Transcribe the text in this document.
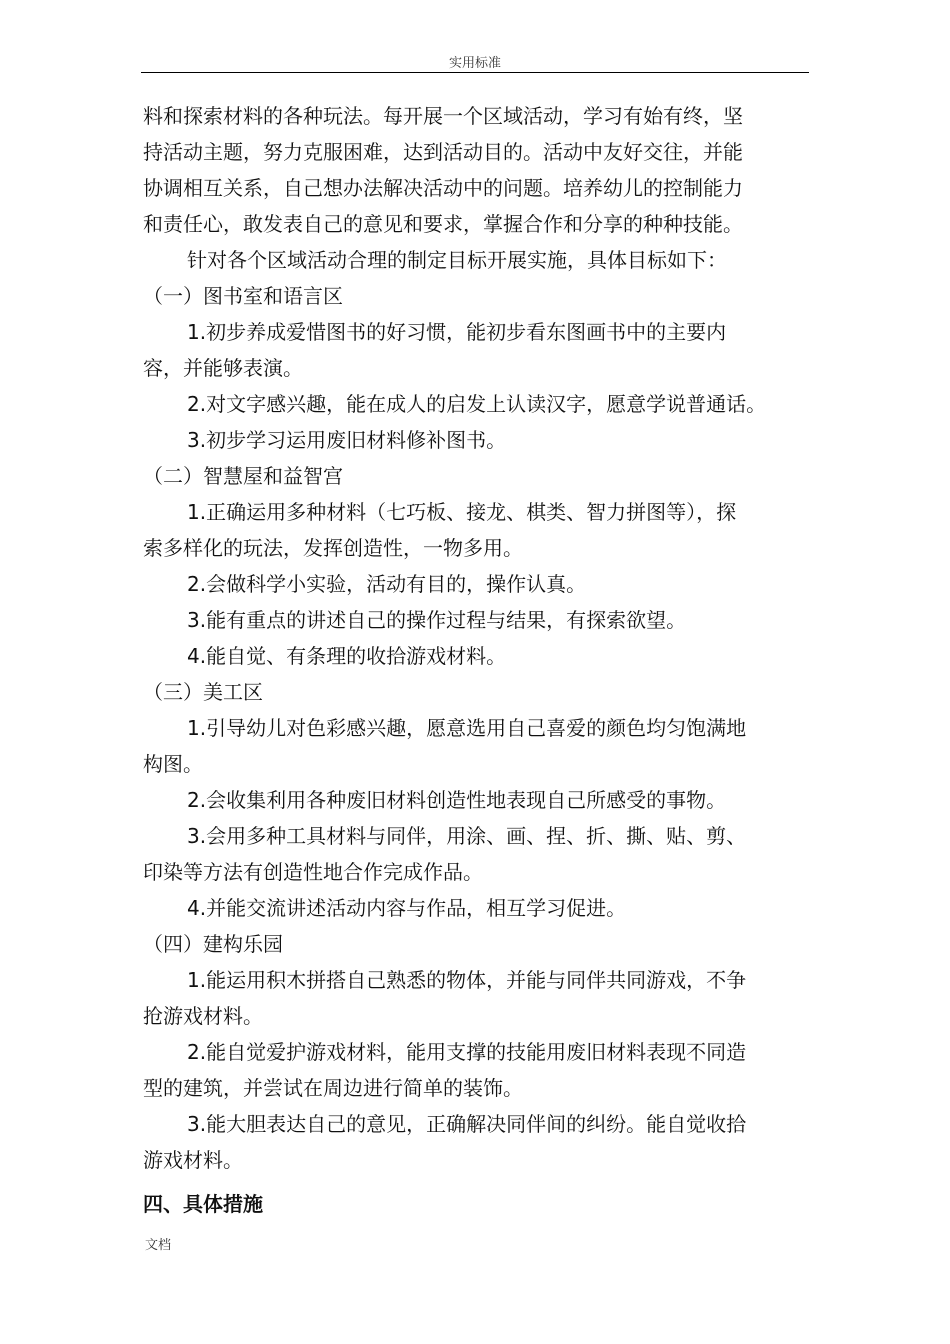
实用标准
料和探索材料的各种玩法。每开展一个区域活动，学习有始有终，坚
持活动主题，努力克服困难，达到活动目的。活动中友好交往，并能
协调相互关系，自己想办法解决活动中的问题。培养幼儿的控制能力
和责任心，敢发表自己的意见和要求，掌握合作和分享的种种技能。
针对各个区域活动合理的制定目标开展实施，具体目标如下：
（一）图书室和语言区
1.初步养成爱惜图书的好习惯，能初步看东图画书中的主要内
容，并能够表演。
2.对文字感兴趣，能在成人的启发上认读汉字，愿意学说普通话。
3.初步学习运用废旧材料修补图书。
（二）智慧屋和益智宫
1.正确运用多种材料（七巧板、接龙、棋类、智力拼图等），探
索多样化的玩法，发挥创造性，一物多用。
2.会做科学小实验，活动有目的，操作认真。
3.能有重点的讲述自己的操作过程与结果，有探索欲望。
4.能自觉、有条理的收拾游戏材料。
（三）美工区
1.引导幼儿对色彩感兴趣，愿意选用自己喜爱的颜色均匀饱满地
构图。
2.会收集利用各种废旧材料创造性地表现自己所感受的事物。
3.会用多种工具材料与同伴，用涂、画、捏、折、撕、贴、剪、
印染等方法有创造性地合作完成作品。
4.并能交流讲述活动内容与作品，相互学习促进。
（四）建构乐园
1.能运用积木拼搭自己熟悉的物体，并能与同伴共同游戏，不争
抢游戏材料。
2.能自觉爱护游戏材料，能用支撑的技能用废旧材料表现不同造
型的建筑，并尝试在周边进行简单的装饰。
3.能大胆表达自己的意见，正确解决同伴间的纠纷。能自觉收拾
游戏材料。
四、具体措施
文档
